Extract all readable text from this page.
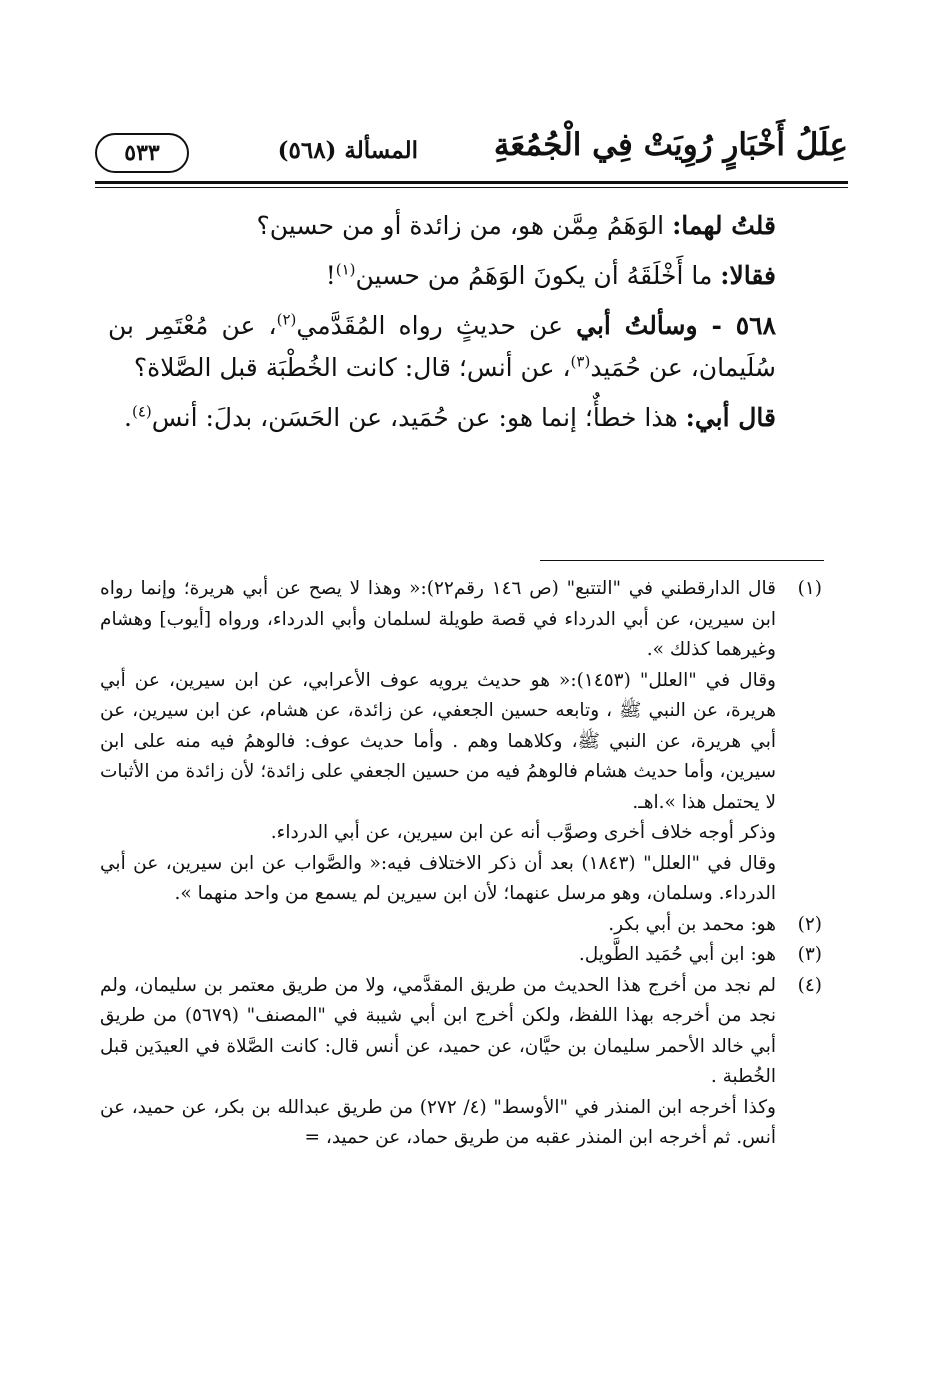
عِلَلُ أَخْبَارٍ رُوِيَتْ فِي الْجُمُعَةِ
المسألة (٥٦٨)
٥٣٣

قلتُ لهما: الوَهَمُ مِمَّن هو، من زائدة أو من حسين؟

فقالا: ما أَخْلَقَهُ أن يكونَ الوَهَمُ من حسين$^{(١)}$!

٥٦٨ - وسألتُ أبي عن حديثٍ رواه المُقَدَّمي$^{(٢)}$، عن مُعْتَمِر بن سُلَيمان، عن حُمَيد$^{(٣)}$، عن أنس؛ قال: كانت الخُطْبَة قبل الصَّلاة؟

قال أبي: هذا خطأٌ؛ إنما هو: عن حُمَيد، عن الحَسَن، بدلَ: أنس$^{(٤)}$.

(١)

قال الدارقطني في "التتبع" (ص ١٤٦ رقم٢٢):« وهذا لا يصح عن أبي هريرة؛ وإنما رواه ابن سيرين، عن أبي الدرداء في قصة طويلة لسلمان وأبي الدرداء، ورواه [أيوب] وهشام وغيرهما كذلك ».

وقال في "العلل" (١٤٥٣):« هو حديث يرويه عوف الأعرابي، عن ابن سيرين، عن أبي هريرة، عن النبي ﷺ ، وتابعه حسين الجعفي، عن زائدة، عن هشام، عن ابن سيرين، عن أبي هريرة، عن النبي ﷺ، وكلاهما وهم . وأما حديث عوف: فالوهمُ فيه منه على ابن سيرين، وأما حديث هشام فالوهمُ فيه من حسين الجعفي على زائدة؛ لأن زائدة من الأثبات لا يحتمل هذا ».اهـ.

وذكر أوجه خلاف أخرى وصوَّب أنه عن ابن سيرين، عن أبي الدرداء.

وقال في "العلل" (١٨٤٣) بعد أن ذكر الاختلاف فيه:« والصَّواب عن ابن سيرين، عن أبي الدرداء. وسلمان، وهو مرسل عنهما؛ لأن ابن سيرين لم يسمع من واحد منهما ».

(٢)

هو: محمد بن أبي بكر.

(٣)

هو: ابن أبي حُمَيد الطَّويل.

(٤)

لم نجد من أخرج هذا الحديث من طريق المقدَّمي، ولا من طريق معتمر بن سليمان، ولم نجد من أخرجه بهذا اللفظ، ولكن أخرج ابن أبي شيبة في "المصنف" (٥٦٧٩) من طريق أبي خالد الأحمر سليمان بن حيَّان، عن حميد، عن أنس قال: كانت الصَّلاة في العيدَين قبل الخُطبة .

وكذا أخرجه ابن المنذر في "الأوسط" (٤/ ٢٧٢) من طريق عبدالله بن بكر، عن حميد، عن أنس. ثم أخرجه ابن المنذر عقبه من طريق حماد، عن حميد، =
